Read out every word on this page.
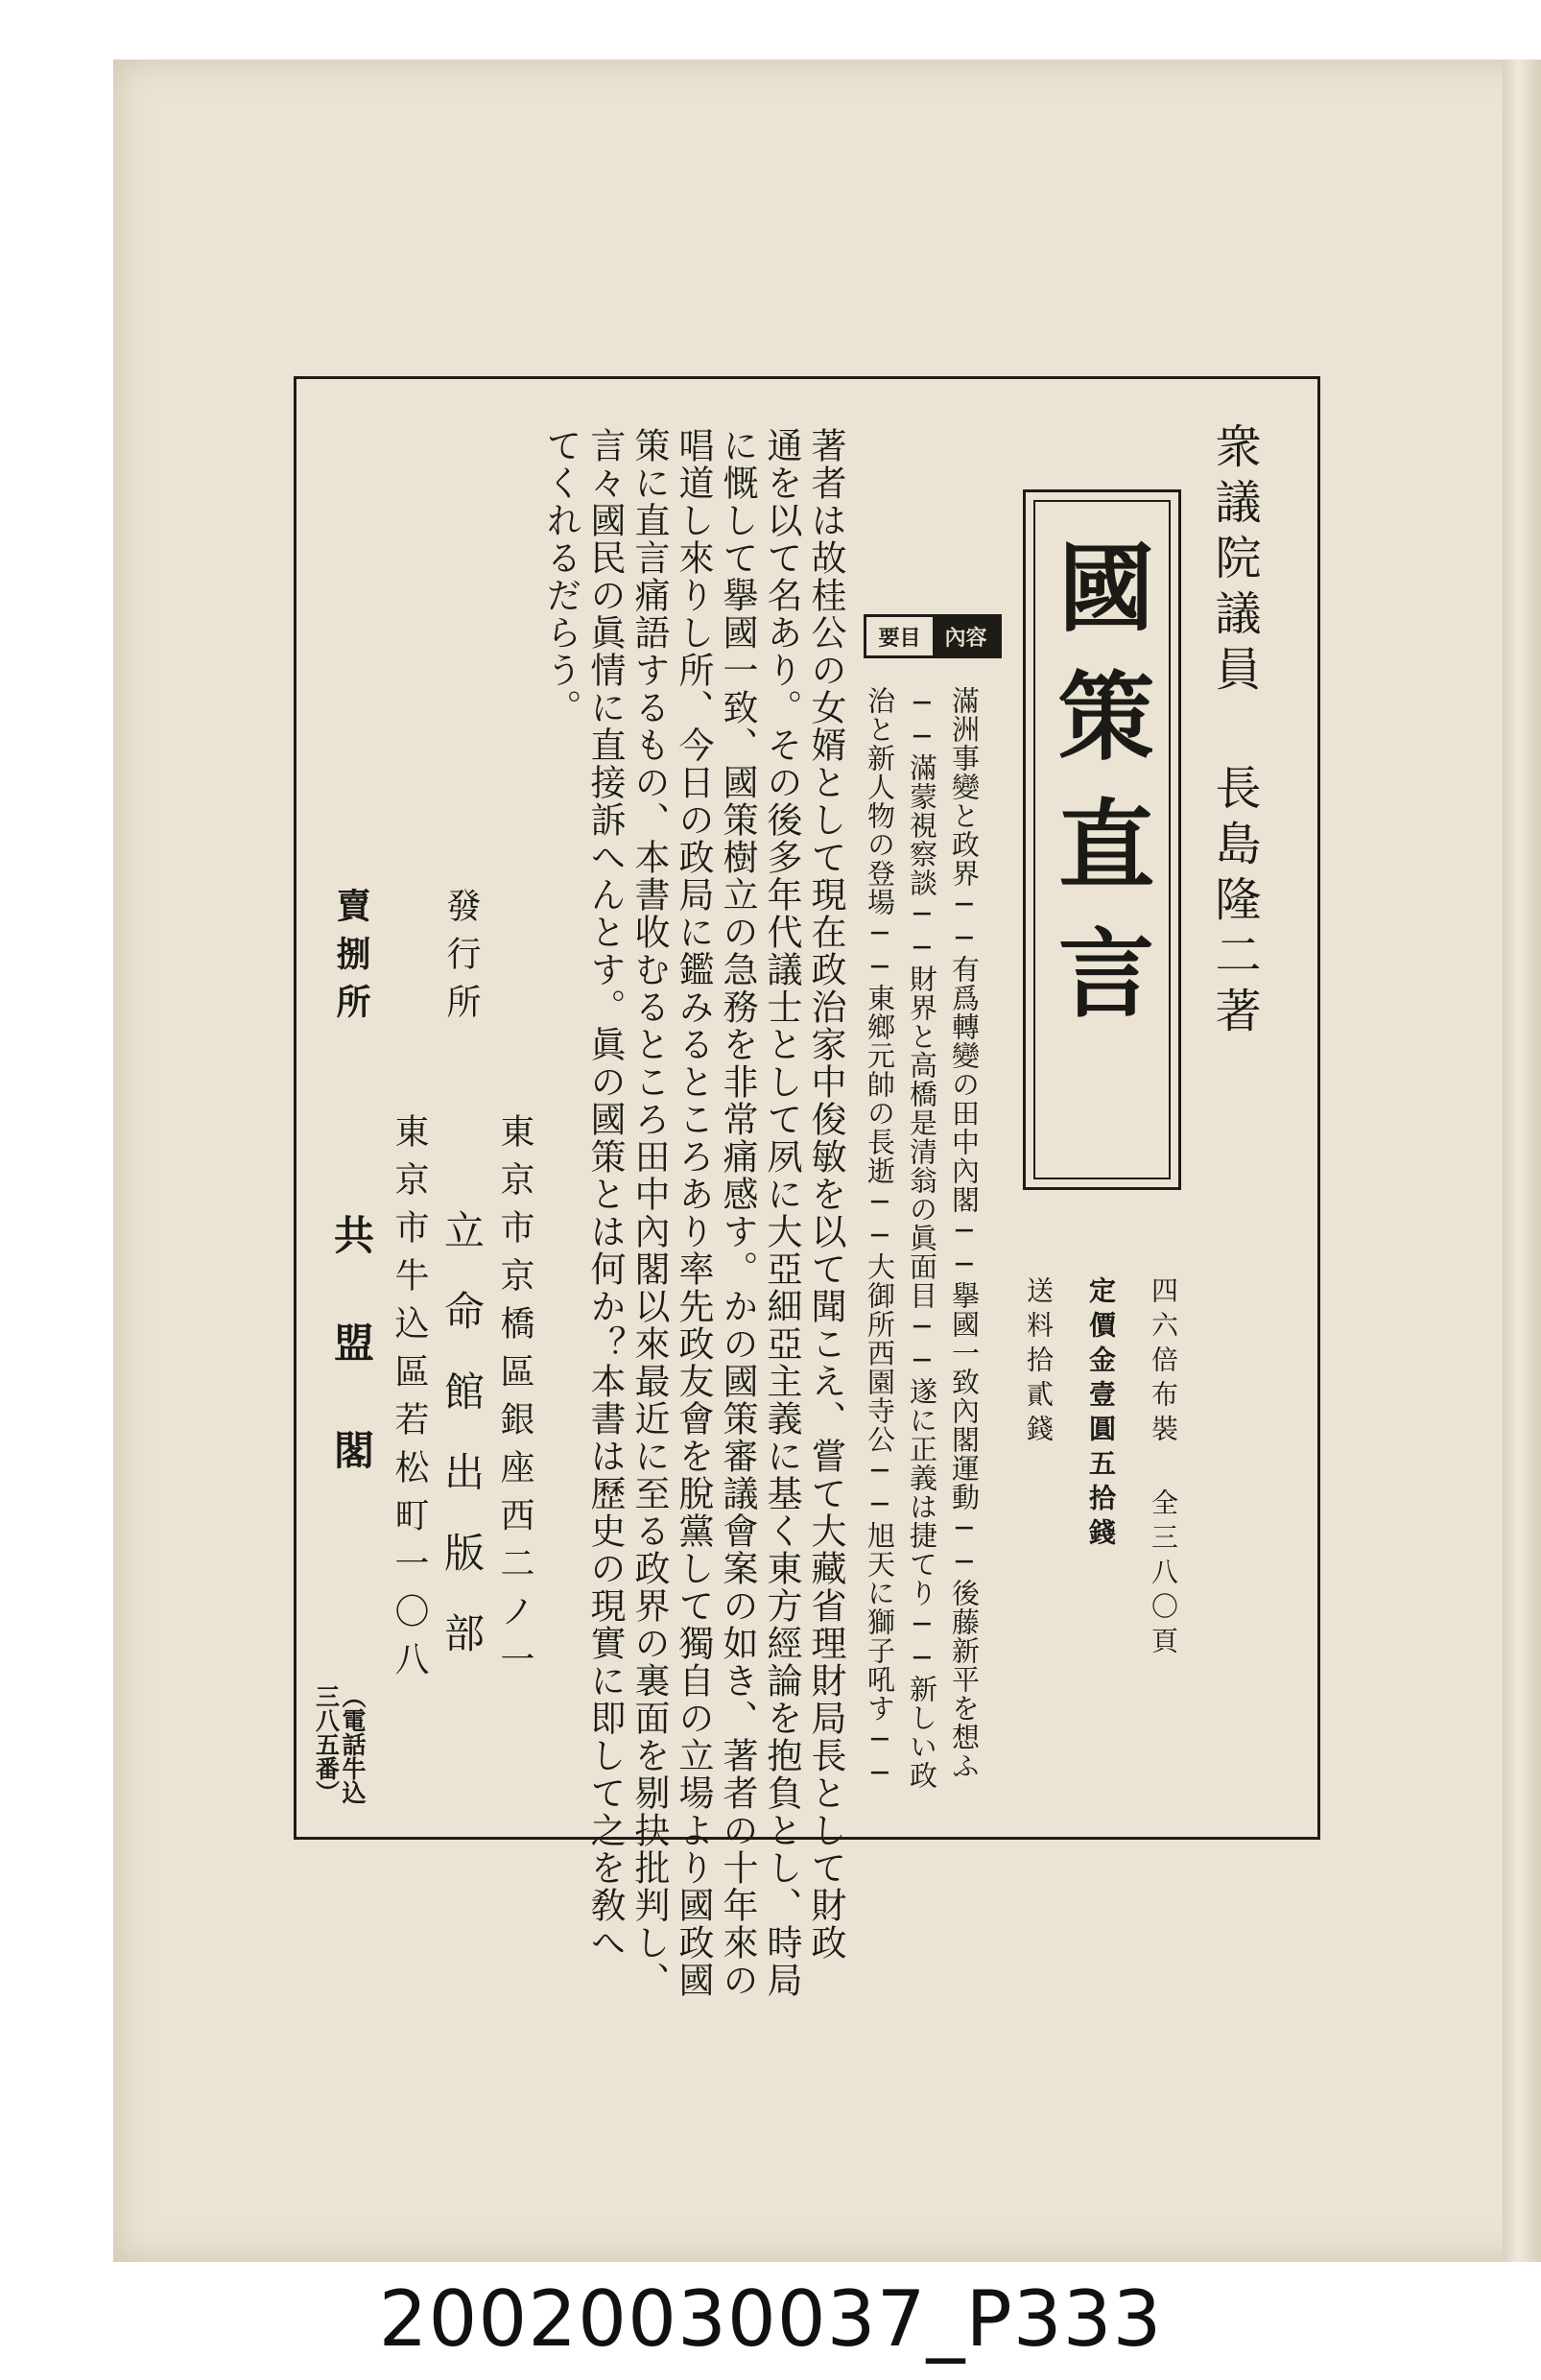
衆議院議員 長島隆二著
國策直言
四六倍布裝 全三八〇頁
定價金壹圓五拾錢
送料拾貳錢
要目	內容
滿洲事變と政界──有爲轉變の田中內閣──擧國一致內閣運動──後藤新平を想ふ
──滿蒙視察談──財界と高橋是清翁の眞面目──遂に正義は捷てり──新しい政
治と新人物の登場──東鄉元帥の長逝──大御所西園寺公──旭天に獅子吼す──
著者は故桂公の女婿として現在政治家中俊敏を以て聞こえ、嘗て大藏省理財局長として財政
通を以て名あり。その後多年代議士として夙に大亞細亞主義に基く東方經論を抱負とし、時局
に慨して擧國一致、國策樹立の急務を非常痛感す。かの國策審議會案の如き、著者の十年來の
唱道し來りし所、今日の政局に鑑みるところあり率先政友會を脫黨して獨自の立場より國政國
策に直言痛語するもの、本書收むるところ田中內閣以來最近に至る政界の裏面を剔抉批判し、
言々國民の眞情に直接訴へんとす。眞の國策とは何か？本書は歷史の現實に即して之を敎へ
てくれるだらう。
東京市京橋區銀座西二ノ一
發行所
立命館出版部
東京市牛込區若松町一〇八
賣捌所
共盟閣
（電話牛込三八五番）
20020030037_P333
